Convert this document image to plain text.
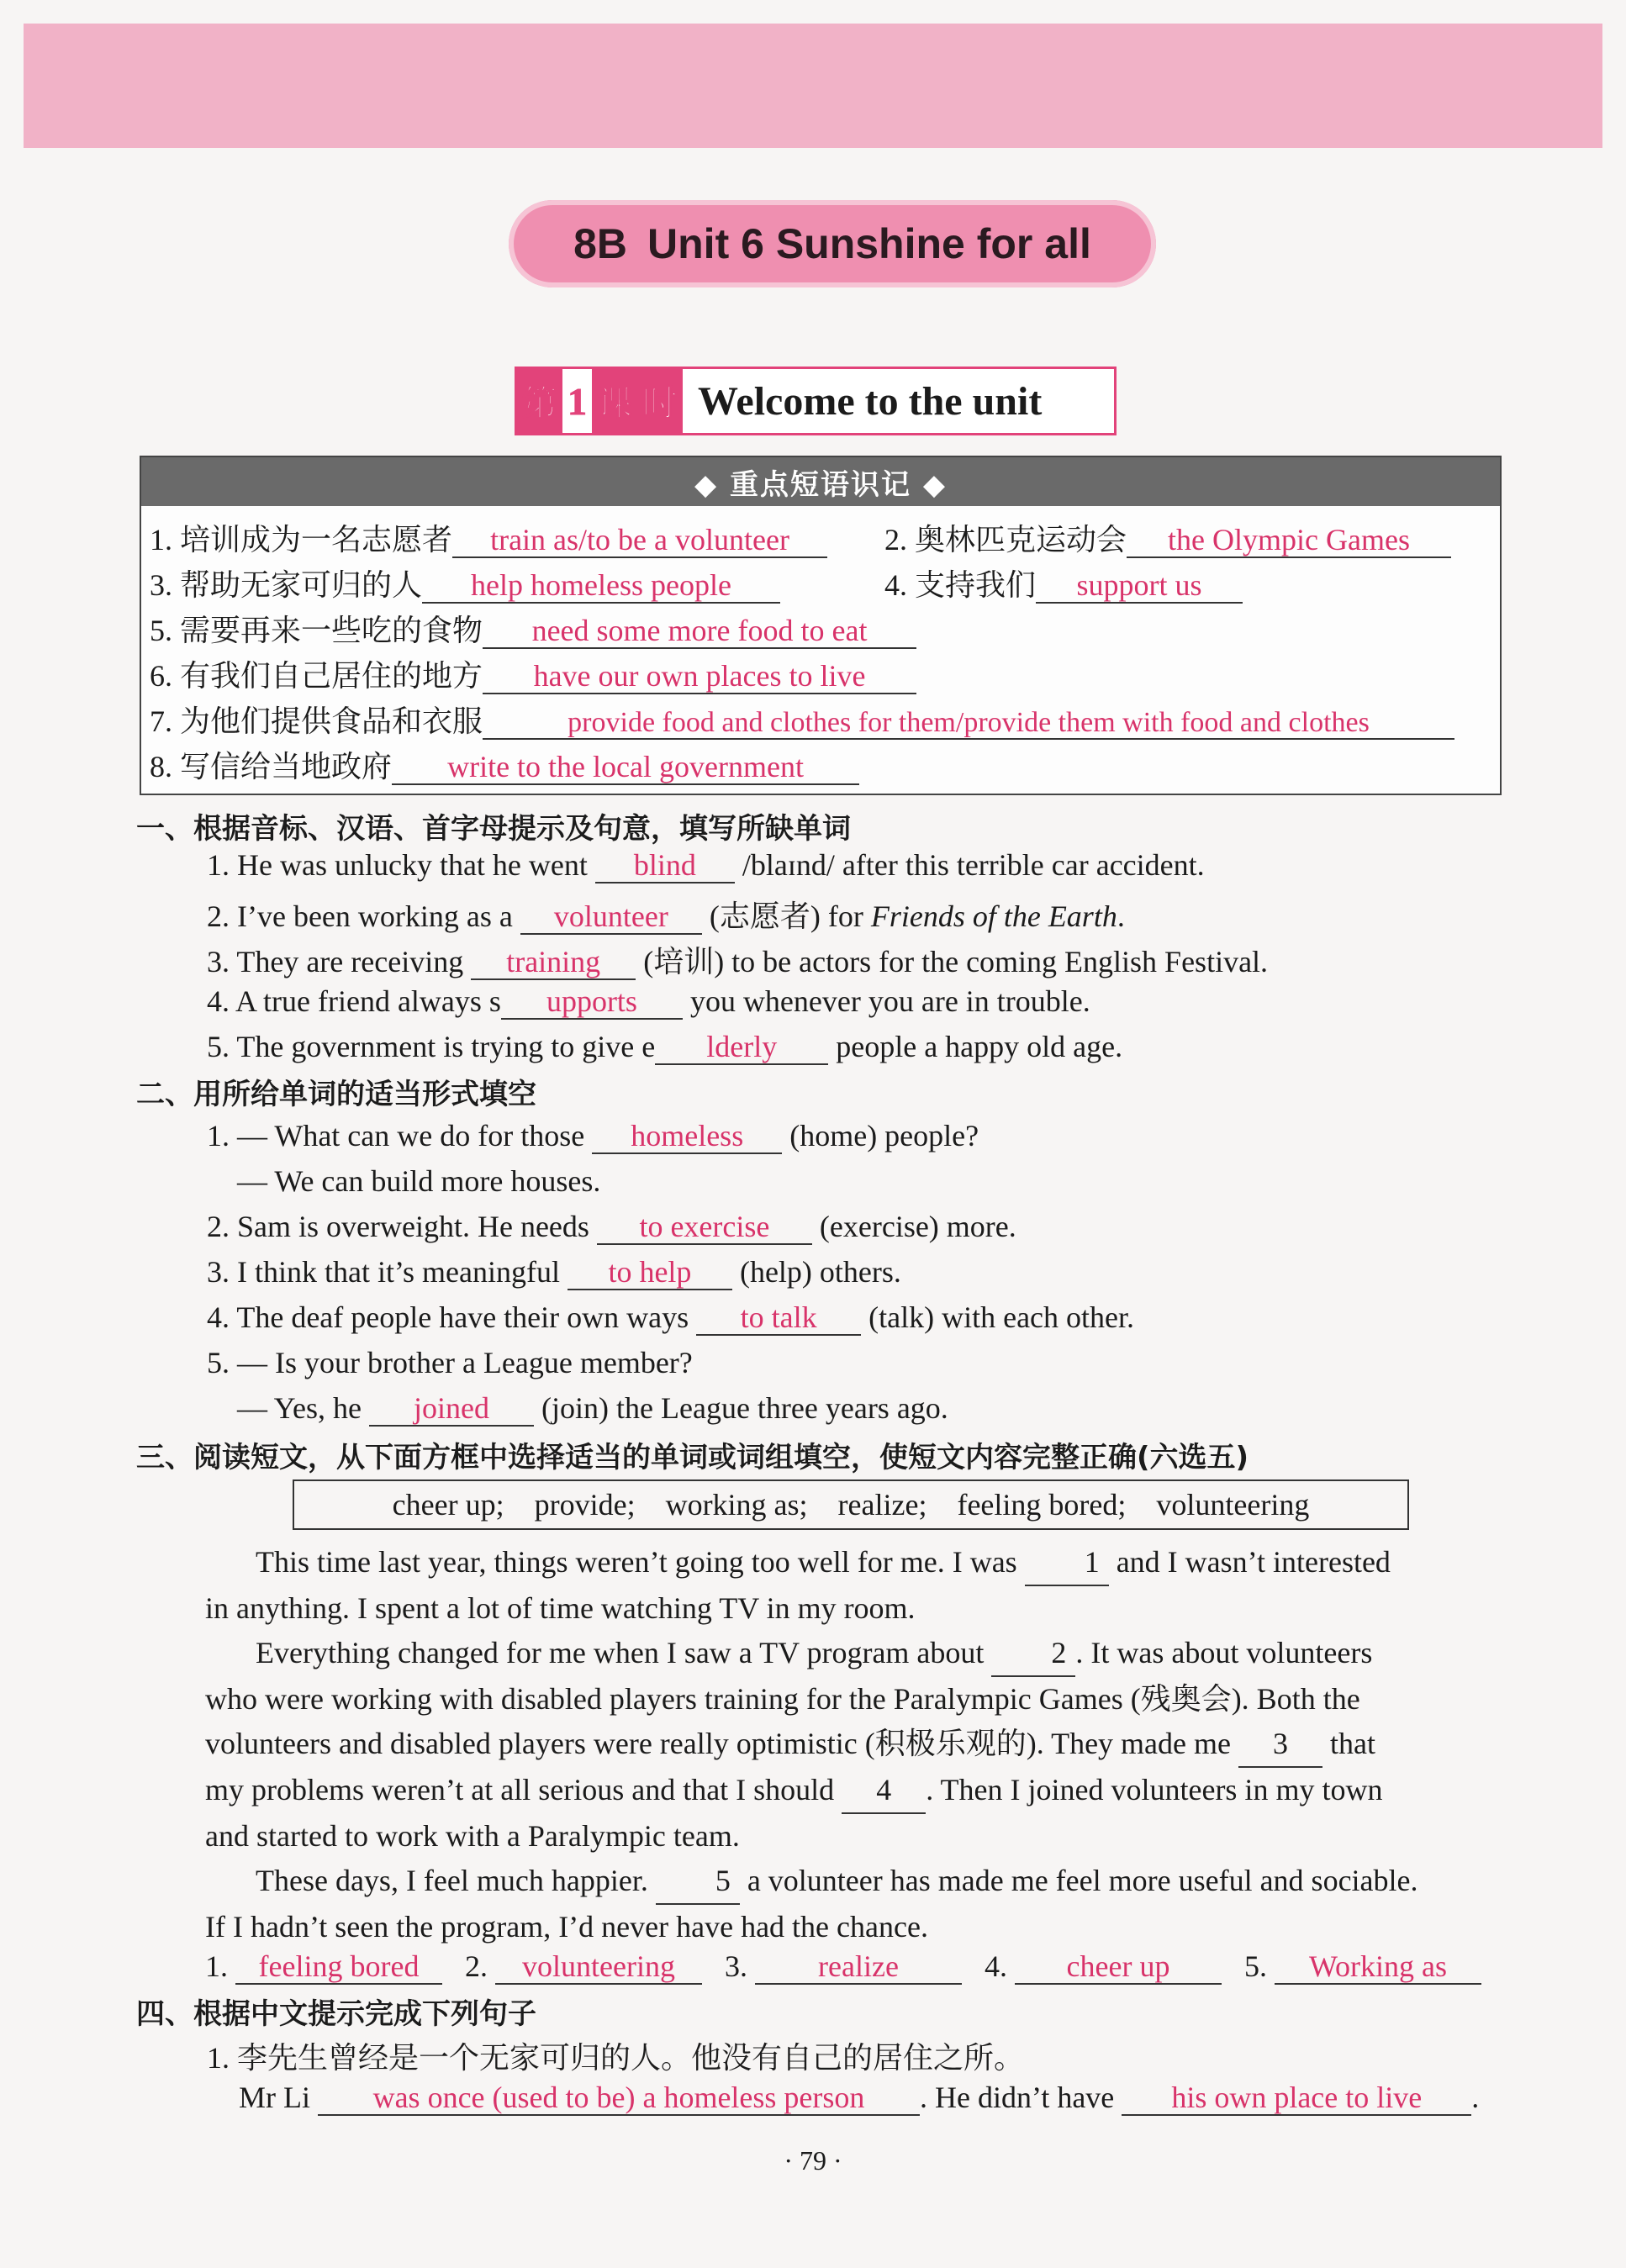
8B Unit 6 Sunshine for all
第 1 课 时 Welcome to the unit
◆ 重点短语识记 ◆
1. 培训成为一名志愿者 train as/to be a volunteer	2. 奥林匹克运动会 the Olympic Games
3. 帮助无家可归的人 help homeless people	4. 支持我们 support us
5. 需要再来一些吃的食物 need some more food to eat
6. 有我们自己居住的地方 have our own places to live
7. 为他们提供食品和衣服	provide food and clothes for them/provide them with food and clothes
8. 写信给当地政府 write to the local government
一、根据音标、汉语、首字母提示及句意，填写所缺单词
1. He was unlucky that he went blind /blaɪnd/ after this terrible car accident.
2. I’ve been working as a volunteer (志愿者) for Friends of the Earth.
3. They are receiving training (培训) to be actors for the coming English Festival.
4. A true friend always s upports you whenever you are in trouble.
5. The government is trying to give e lderly people a happy old age.
二、用所给单词的适当形式填空
1. — What can we do for those homeless (home) people?
— We can build more houses.
2. Sam is overweight. He needs to exercise (exercise) more.
3. I think that it’s meaningful to help (help) others.
4. The deaf people have their own ways to talk (talk) with each other.
5. — Is your brother a League member?
— Yes, he joined (join) the League three years ago.
三、阅读短文，从下面方框中选择适当的单词或词组填空，使短文内容完整正确(六选五)
cheer up;    provide;    working as;    realize;    feeling bored;    volunteering
This time last year, things weren’t going too well for me. I was 1 and I wasn’t interested
in anything. I spent a lot of time watching TV in my room.
Everything changed for me when I saw a TV program about 2 . It was about volunteers
who were working with disabled players training for the Paralympic Games (残奥会). Both the
volunteers and disabled players were really optimistic (积极乐观的). They made me 3 that
my problems weren’t at all serious and that I should 4 . Then I joined volunteers in my town
and started to work with a Paralympic team.
These days, I feel much happier. 5 a volunteer has made me feel more useful and sociable.
If I hadn’t seen the program, I’d never have had the chance.
1. feeling bored 2. volunteering 3. realize	4. cheer up 5. Working as
四、根据中文提示完成下列句子
1. 李先生曾经是一个无家可归的人。他没有自己的居住之所。
Mr Li was once (used to be) a homeless person . He didn’t have his own place to live .
· 79 ·
